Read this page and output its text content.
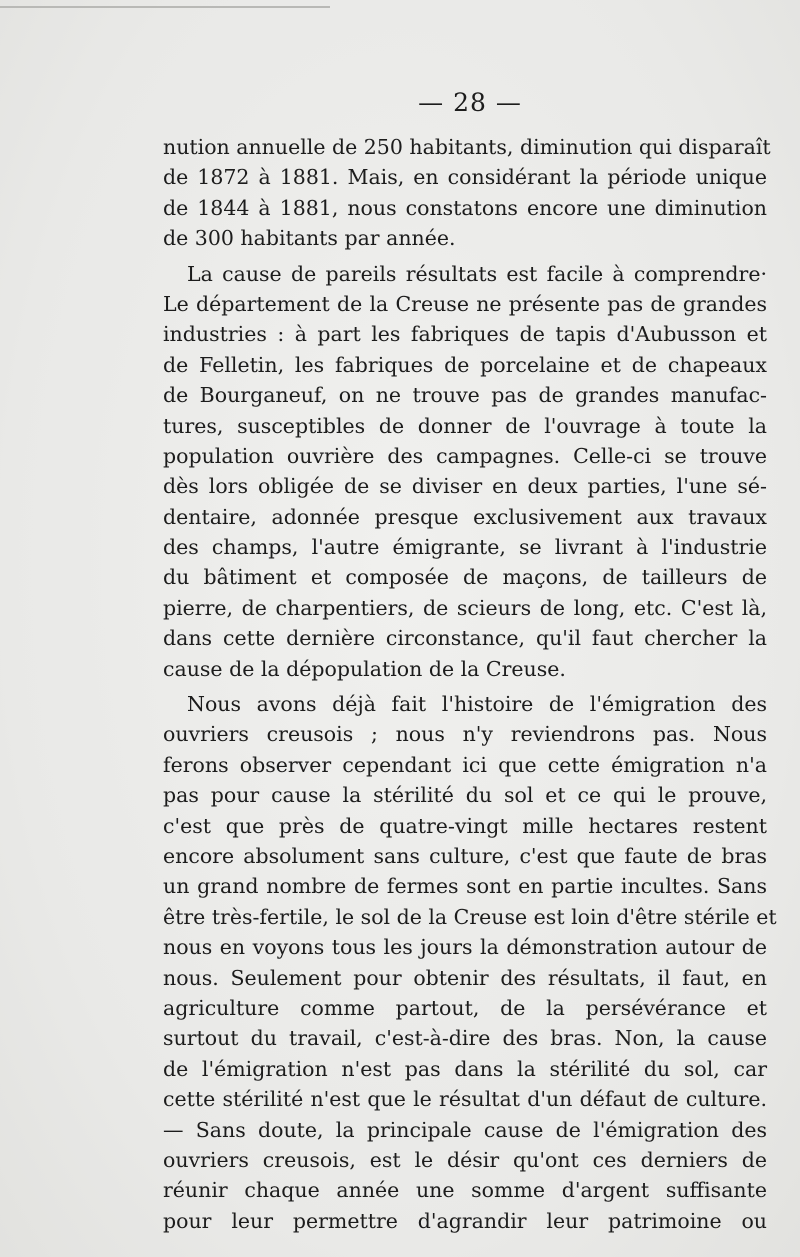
— 28 —
nution annuelle de 250 habitants, diminution qui disparaît
de 1872 à 1881. Mais, en considérant la période unique
de 1844 à 1881, nous constatons encore une diminution
de 300 habitants par année.
La cause de pareils résultats est facile à comprendre·
Le département de la Creuse ne présente pas de grandes
industries : à part les fabriques de tapis d'Aubusson et
de Felletin, les fabriques de porcelaine et de chapeaux
de Bourganeuf, on ne trouve pas de grandes manufac-
tures, susceptibles de donner de l'ouvrage à toute la
population ouvrière des campagnes. Celle-ci se trouve
dès lors obligée de se diviser en deux parties, l'une sé-
dentaire, adonnée presque exclusivement aux travaux
des champs, l'autre émigrante, se livrant à l'industrie
du bâtiment et composée de maçons, de tailleurs de
pierre, de charpentiers, de scieurs de long, etc. C'est là,
dans cette dernière circonstance, qu'il faut chercher la
cause de la dépopulation de la Creuse.
Nous avons déjà fait l'histoire de l'émigration des
ouvriers creusois ; nous n'y reviendrons pas. Nous
ferons observer cependant ici que cette émigration n'a
pas pour cause la stérilité du sol et ce qui le prouve,
c'est que près de quatre-vingt mille hectares restent
encore absolument sans culture, c'est que faute de bras
un grand nombre de fermes sont en partie incultes. Sans
être très-fertile, le sol de la Creuse est loin d'être stérile et
nous en voyons tous les jours la démonstration autour de
nous. Seulement pour obtenir des résultats, il faut, en
agriculture comme partout, de la persévérance et
surtout du travail, c'est-à-dire des bras. Non, la cause
de l'émigration n'est pas dans la stérilité du sol, car
cette stérilité n'est que le résultat d'un défaut de culture.
— Sans doute, la principale cause de l'émigration des
ouvriers creusois, est le désir qu'ont ces derniers de
réunir chaque année une somme d'argent suffisante
pour leur permettre d'agrandir leur patrimoine ou
